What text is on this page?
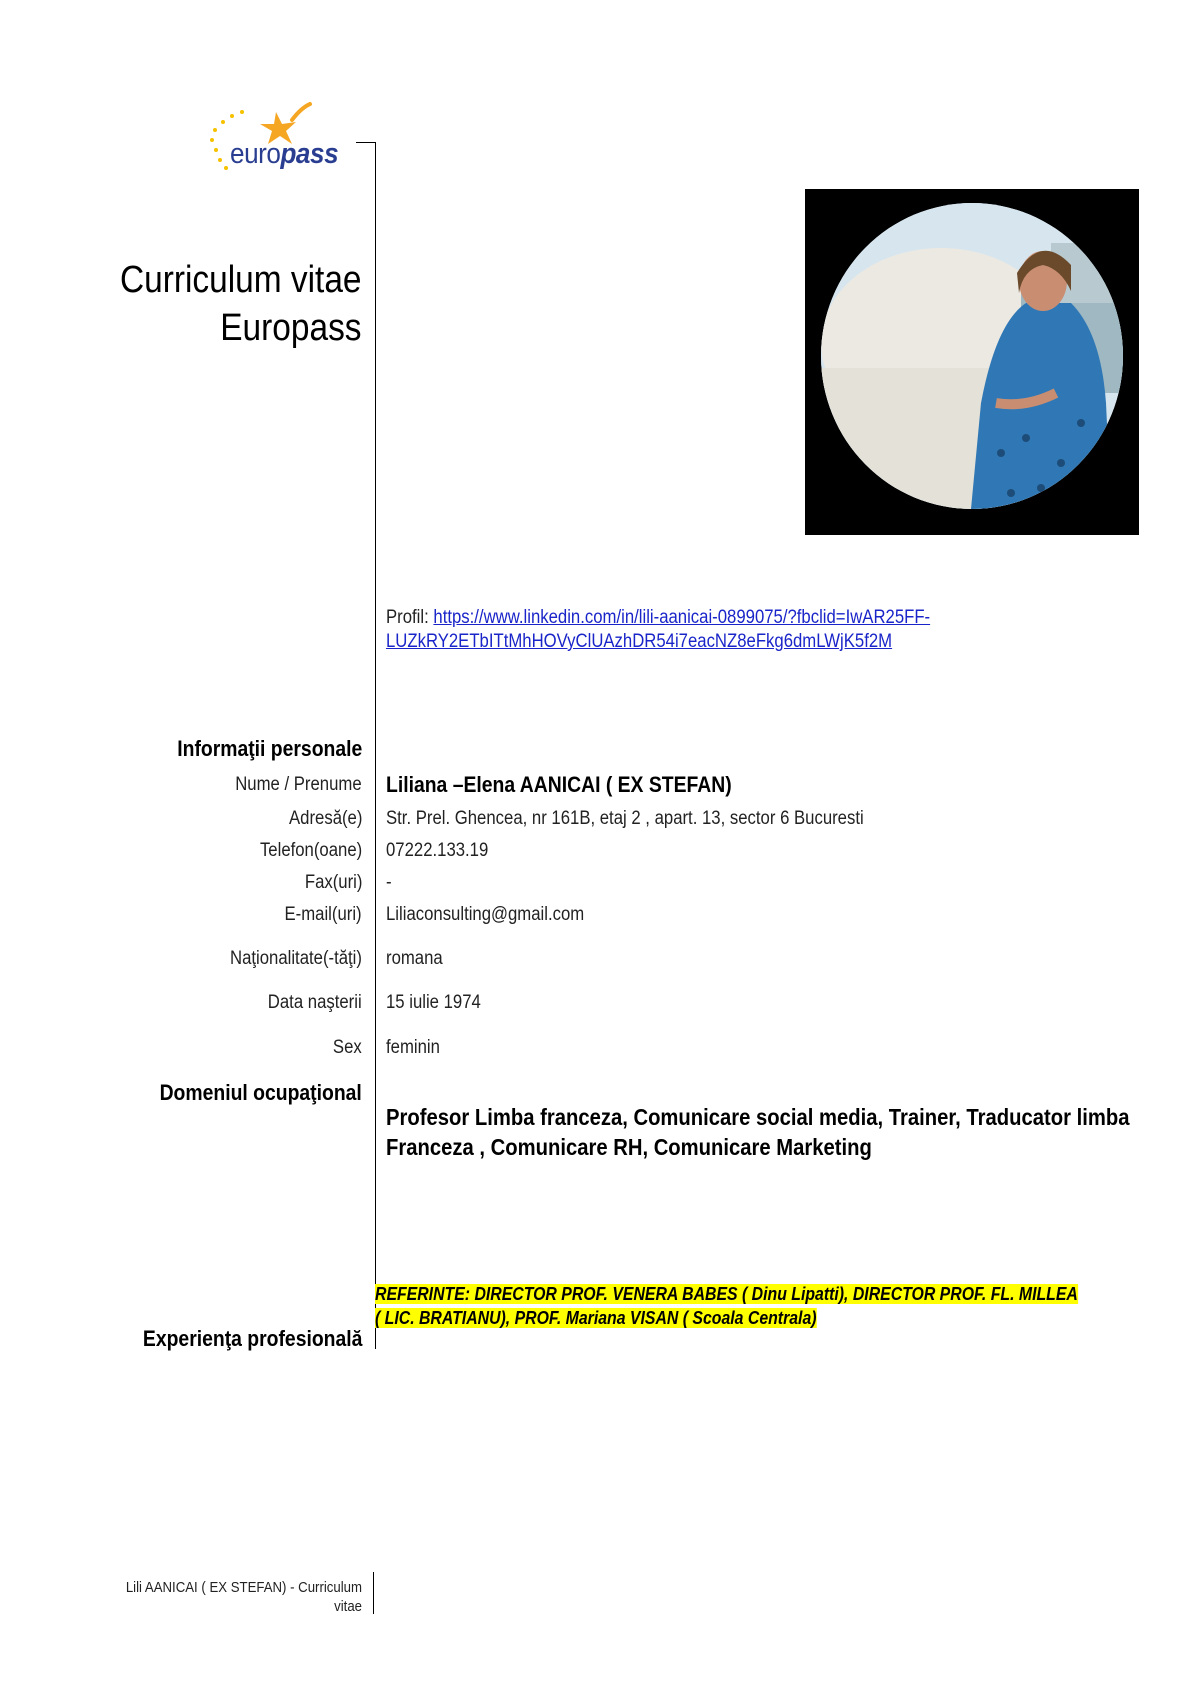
europass
Curriculum vitae
Europass
Profil: https://www.linkedin.com/in/lili-aanicai-0899075/?fbclid=IwAR25FF-
LUZkRY2ETbITtMhHOVyClUAzhDR54i7eacNZ8eFkg6dmLWjK5f2M
Informaţii personale
Nume / Prenume Liliana –Elena AANICAI ( EX STEFAN)
Adresă(e) Str. Prel. Ghencea, nr 161B, etaj 2 , apart. 13, sector 6 Bucuresti
Telefon(oane) 07222.133.19
Fax(uri) -
E-mail(uri) Liliaconsulting@gmail.com
Naţionalitate(-tăţi) romana
Data naşterii 15 iulie 1974
Sex feminin
Domeniul ocupaţional
Profesor Limba franceza, Comunicare social media, Trainer, Traducator limba
Franceza , Comunicare RH, Comunicare Marketing
REFERINTE: DIRECTOR PROF. VENERA BABES ( Dinu Lipatti), DIRECTOR PROF. FL. MILLEA
( LIC. BRATIANU), PROF. Mariana VISAN ( Scoala Centrala)
Experienţa profesională
Lili AANICAI ( EX STEFAN) - Curriculum vitae
